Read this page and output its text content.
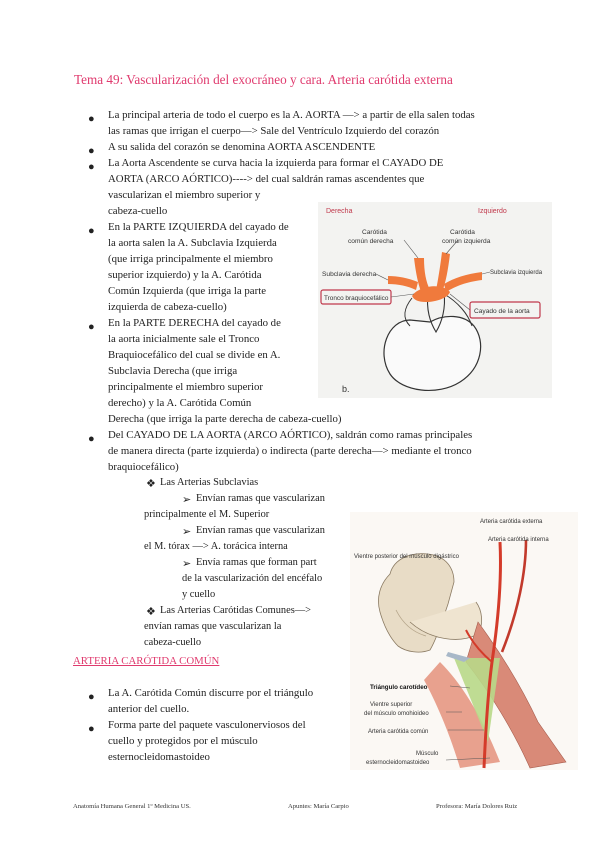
Tema 49: Vascularización del exocráneo y cara. Arteria carótida externa
● La principal arteria de todo el cuerpo es la A. AORTA —> a partir de ella salen todas
las ramas que irrigan el cuerpo—> Sale del Ventrículo Izquierdo del corazón
● A su salida del corazón se denomina AORTA ASCENDENTE
● La Aorta Ascendente se curva hacia la izquierda para formar el CAYADO DE
AORTA (ARCO AÓRTICO)----> del cual saldrán ramas ascendentes que
vascularizan el miembro superior y
cabeza-cuello
● En la PARTE IZQUIERDA del cayado de
la aorta salen la A. Subclavia Izquierda
(que irriga principalmente el miembro
superior izquierdo) y la A. Carótida
Común Izquierda (que irriga la parte
izquierda de cabeza-cuello)
● En la PARTE DERECHA del cayado de
la aorta inicialmente sale el Tronco
Braquiocefálico del cual se divide en A.
Subclavia Derecha (que irriga
principalmente el miembro superior
derecho) y la A. Carótida Común
Derecha (que irriga la parte derecha de cabeza-cuello)
● Del CAYADO DE LA AORTA (ARCO AÓRTICO), saldrán como ramas principales
de manera directa (parte izquierda) o indirecta (parte derecha—> mediante el tronco
braquiocefálico)
❖ Las Arterias Subclavias
➢ Envían ramas que vascularizan
principalmente el M. Superior
➢ Envían ramas que vascularizan
el M. tórax —> A. torácica interna
➢ Envía ramas que forman part
de la vascularización del encéfalo
y cuello
❖ Las Arterias Carótidas Comunes—>
envían ramas que vascularizan la
cabeza-cuello
ARTERIA CARÓTIDA COMÚN
● La A. Carótida Común discurre por el triángulo
anterior del cuello.
● Forma parte del paquete vasculonerviosos del
cuello y protegidos por el músculo
esternocleidomastoideo
Derecha	Izquierdo
Carótida
común derecha
Carótida
común izquierda
Subclavia derecha	Subclavia izquierda
Tronco braquiocefálico
Cayado de la aorta
b.
Arteria carótida externa
Arteria carótida interna
Vientre posterior del músculo digástrico
Triángulo carotídeo
Vientre superior
del músculo omohioideo
Arteria carótida común
Músculo
esternocleidomastoideo
Anatomía Humana General 1º Medicina US.	Apuntes: María Carpio	Profesora: María Dolores Ruiz
